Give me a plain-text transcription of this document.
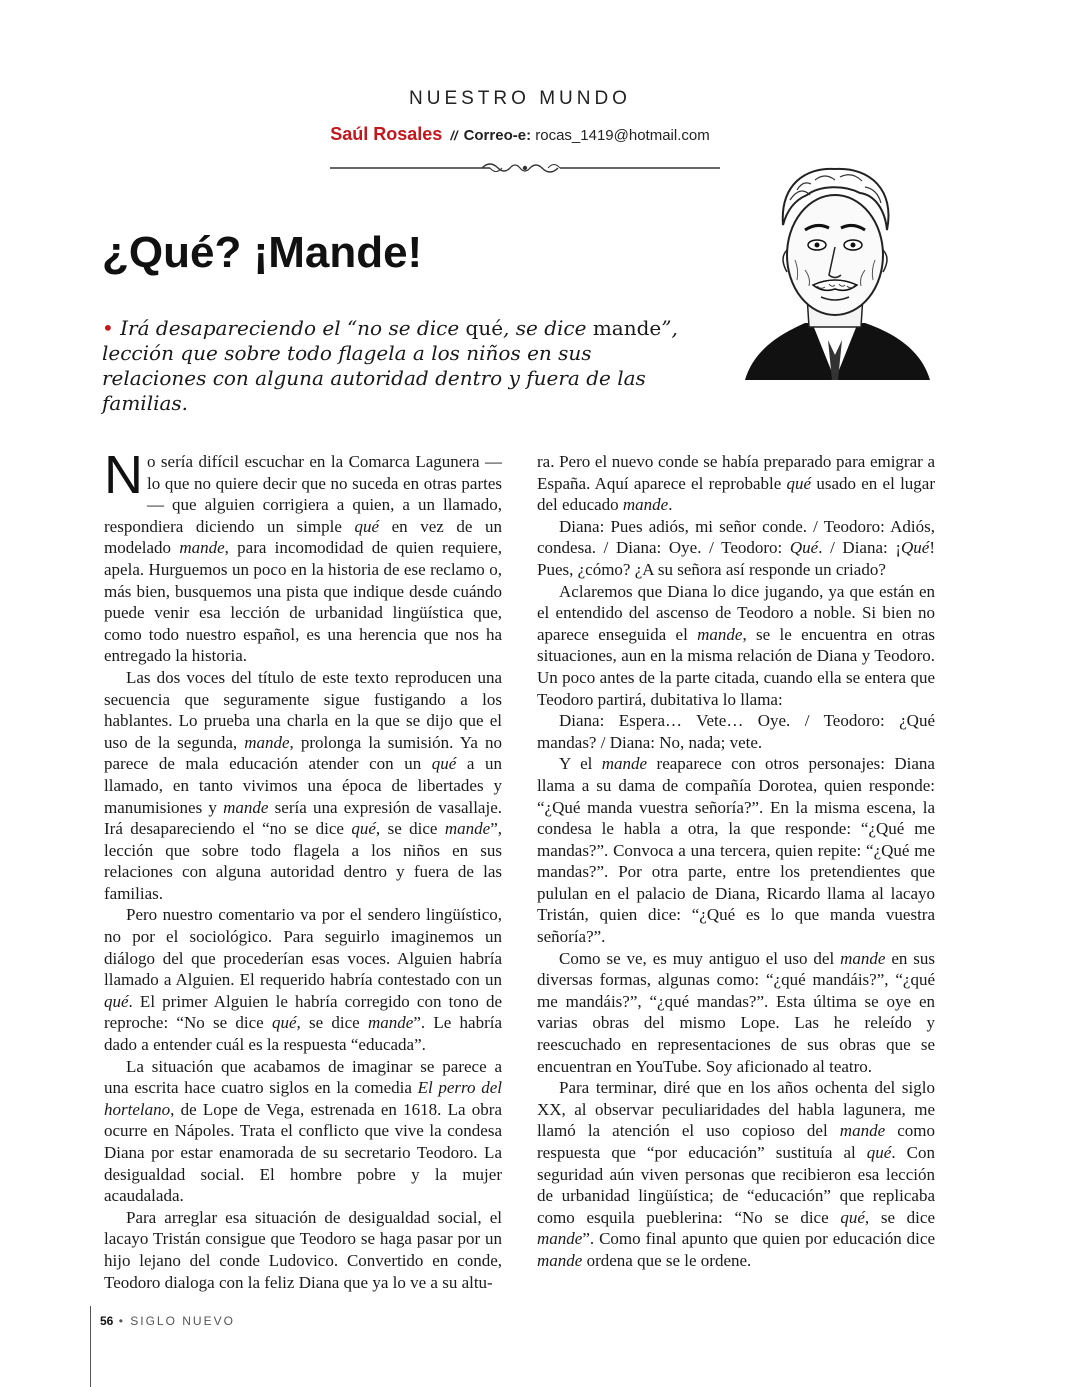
NUESTRO MUNDO
Saúl Rosales // Correo-e: rocas_1419@hotmail.com
¿Qué? ¡Mande!
• Irá desapareciendo el “no se dice qué, se dice mande”, lección que sobre todo flagela a los niños en sus relaciones con alguna autoridad dentro y fuera de las familias.

No sería difícil escuchar en la Comarca Lagunera —lo que no quiere decir que no suceda en otras partes— que alguien corrigiera a quien, a un llamado, respondiera diciendo un simple qué en vez de un modelado mande, para incomodidad de quien requiere, apela. Hurguemos un poco en la historia de ese reclamo o, más bien, busquemos una pista que indique desde cuándo puede venir esa lección de urbanidad lingüística que, como todo nuestro español, es una herencia que nos ha entregado la historia.

Las dos voces del título de este texto reproducen una secuencia que seguramente sigue fustigando a los hablantes. Lo prueba una charla en la que se dijo que el uso de la segunda, mande, prolonga la sumisión. Ya no parece de mala educación atender con un qué a un llamado, en tanto vivimos una época de libertades y manumisiones y mande sería una expresión de vasallaje. Irá desapareciendo el “no se dice qué, se dice mande”, lección que sobre todo flagela a los niños en sus relaciones con alguna autoridad dentro y fuera de las familias.

Pero nuestro comentario va por el sendero lingüístico, no por el sociológico. Para seguirlo imaginemos un diálogo del que procederían esas voces. Alguien habría llamado a Alguien. El requerido habría contestado con un qué. El primer Alguien le habría corregido con tono de reproche: “No se dice qué, se dice mande”. Le habría dado a entender cuál es la respuesta “educada”.

La situación que acabamos de imaginar se parece a una escrita hace cuatro siglos en la comedia El perro del hortelano, de Lope de Vega, estrenada en 1618. La obra ocurre en Nápoles. Trata el conflicto que vive la condesa Diana por estar enamorada de su secretario Teodoro. La desigualdad social. El hombre pobre y la mujer acaudalada.

Para arreglar esa situación de desigualdad social, el lacayo Tristán consigue que Teodoro se haga pasar por un hijo lejano del conde Ludovico. Convertido en conde, Teodoro dialoga con la feliz Diana que ya lo ve a su altu-

ra. Pero el nuevo conde se había preparado para emigrar a España. Aquí aparece el reprobable qué usado en el lugar del educado mande.

Diana: Pues adiós, mi señor conde. / Teodoro: Adiós, condesa. / Diana: Oye. / Teodoro: Qué. / Diana: ¡Qué! Pues, ¿cómo? ¿A su señora así responde un criado?

Aclaremos que Diana lo dice jugando, ya que están en el entendido del ascenso de Teodoro a noble. Si bien no aparece enseguida el mande, se le encuentra en otras situaciones, aun en la misma relación de Diana y Teodoro. Un poco antes de la parte citada, cuando ella se entera que Teodoro partirá, dubitativa lo llama:

Diana: Espera… Vete… Oye. / Teodoro: ¿Qué mandas? / Diana: No, nada; vete.

Y el mande reaparece con otros personajes: Diana llama a su dama de compañía Dorotea, quien responde: “¿Qué manda vuestra señoría?”. En la misma escena, la condesa le habla a otra, la que responde: “¿Qué me mandas?”. Convoca a una tercera, quien repite: “¿Qué me mandas?”. Por otra parte, entre los pretendientes que pululan en el palacio de Diana, Ricardo llama al lacayo Tristán, quien dice: “¿Qué es lo que manda vuestra señoría?”.

Como se ve, es muy antiguo el uso del mande en sus diversas formas, algunas como: “¿qué mandáis?”, “¿qué me mandáis?”, “¿qué mandas?”. Esta última se oye en varias obras del mismo Lope. Las he releído y reescuchado en representaciones de sus obras que se encuentran en YouTube. Soy aficionado al teatro.

Para terminar, diré que en los años ochenta del siglo XX, al observar peculiaridades del habla lagunera, me llamó la atención el uso copioso del mande como respuesta que “por educación” sustituía al qué. Con seguridad aún viven personas que recibieron esa lección de urbanidad lingüística; de “educación” que replicaba como esquila pueblerina: “No se dice qué, se dice mande”. Como final apunto que quien por educación dice mande ordena que se le ordene.

56 • SIGLO NUEVO
